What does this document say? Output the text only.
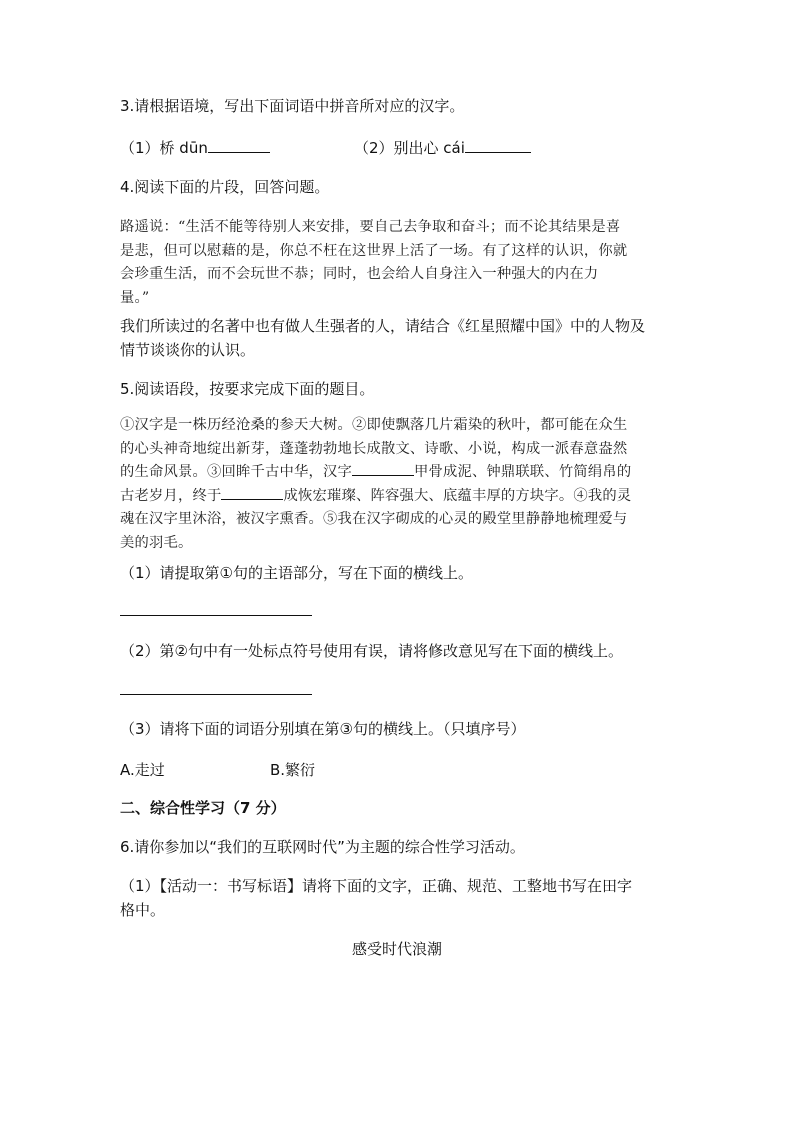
3.请根据语境，写出下面词语中拼音所对应的汉字。
（1）桥 dūn	（2）别出心 cái
4.阅读下面的片段，回答问题。
路遥说：“生活不能等待别人来安排，要自己去争取和奋斗；而不论其结果是喜
是悲，但可以慰藉的是，你总不枉在这世界上活了一场。有了这样的认识，你就
会珍重生活，而不会玩世不恭；同时，也会给人自身注入一种强大的内在力
量。”
我们所读过的名著中也有做人生强者的人，请结合《红星照耀中国》中的人物及
情节谈谈你的认识。
5.阅读语段，按要求完成下面的题目。
①汉字是一株历经沧桑的参天大树。②即使飘落几片霜染的秋叶，都可能在众生
的心头神奇地绽出新芽，蓬蓬勃勃地长成散文、诗歌、小说，构成一派春意盎然
的生命风景。③回眸千古中华，汉字	甲骨成泥、钟鼎联联、竹简绢帛的
古老岁月，终于	成恢宏璀璨、阵容强大、底蕴丰厚的方块字。④我的灵
魂在汉字里沐浴，被汉字熏香。⑤我在汉字砌成的心灵的殿堂里静静地梳理爱与
美的羽毛。
（1）请提取第①句的主语部分，写在下面的横线上。
（2）第②句中有一处标点符号使用有误，请将修改意见写在下面的横线上。
（3）请将下面的词语分别填在第③句的横线上。（只填序号）
A.走过	B.繁衍
二、综合性学习（7 分）
6.请你参加以“我们的互联网时代”为主题的综合性学习活动。
（1）【活动一：书写标语】请将下面的文字，正确、规范、工整地书写在田字
格中。
感受时代浪潮
